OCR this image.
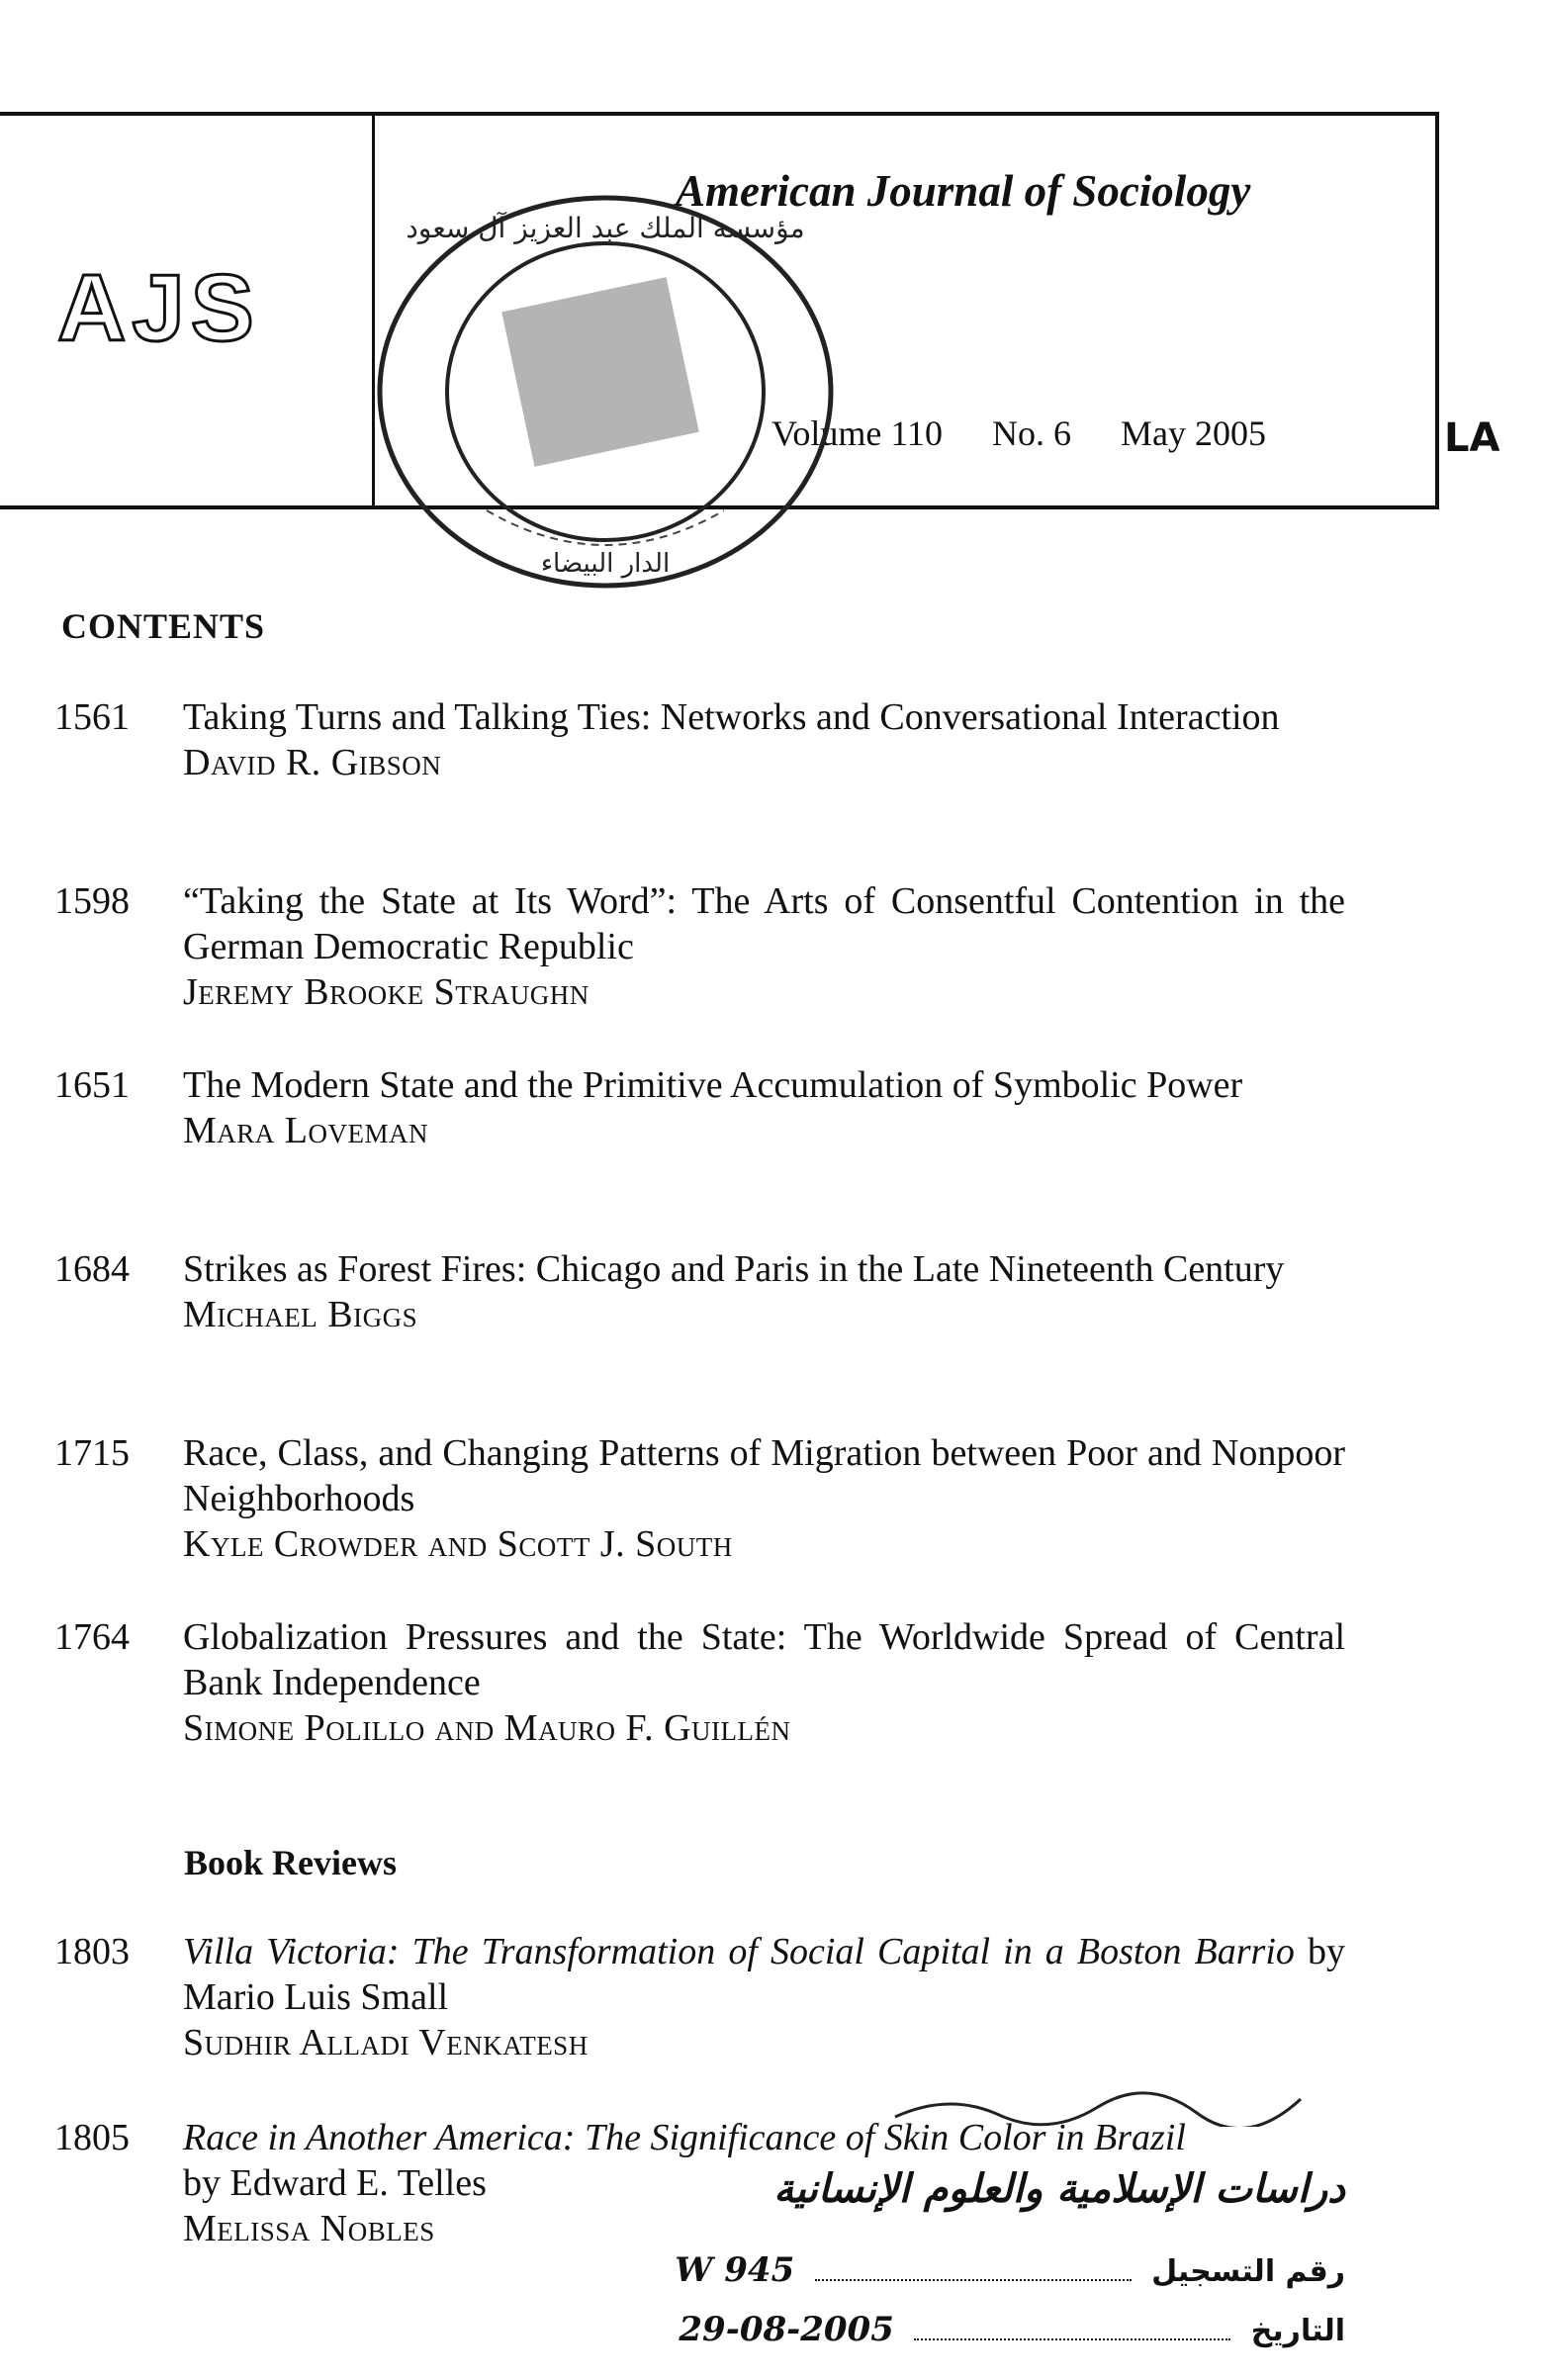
AJS
American Journal of Sociology
Volume 110 No. 6 May 2005	LA
مؤسسة الملك عبد العزيز آل سعود
الدار البيضاء
CONTENTS
1561	Taking Turns and Talking Ties: Networks and Conversational Interaction
David R. Gibson
1598	“Taking the State at Its Word”: The Arts of Consentful Contention in the German Democratic Republic
Jeremy Brooke Straughn
1651	The Modern State and the Primitive Accumulation of Symbolic Power
Mara Loveman
1684	Strikes as Forest Fires: Chicago and Paris in the Late Nineteenth Century
Michael Biggs
1715	Race, Class, and Changing Patterns of Migration between Poor and Nonpoor Neighborhoods
Kyle Crowder and Scott J. South
1764	Globalization Pressures and the State: The Worldwide Spread of Central Bank Independence
Simone Polillo and Mauro F. Guillén
Book Reviews
1803	Villa Victoria: The Transformation of Social Capital in a Boston Barrio by Mario Luis Small
Sudhir Alladi Venkatesh
1805	Race in Another America: The Significance of Skin Color in Brazil
by Edward E. Telles
Melissa Nobles
دراسات الإسلامية والعلوم الإنسانية
رقم التسجيل  W 945
التاريخ  29-08-2005
